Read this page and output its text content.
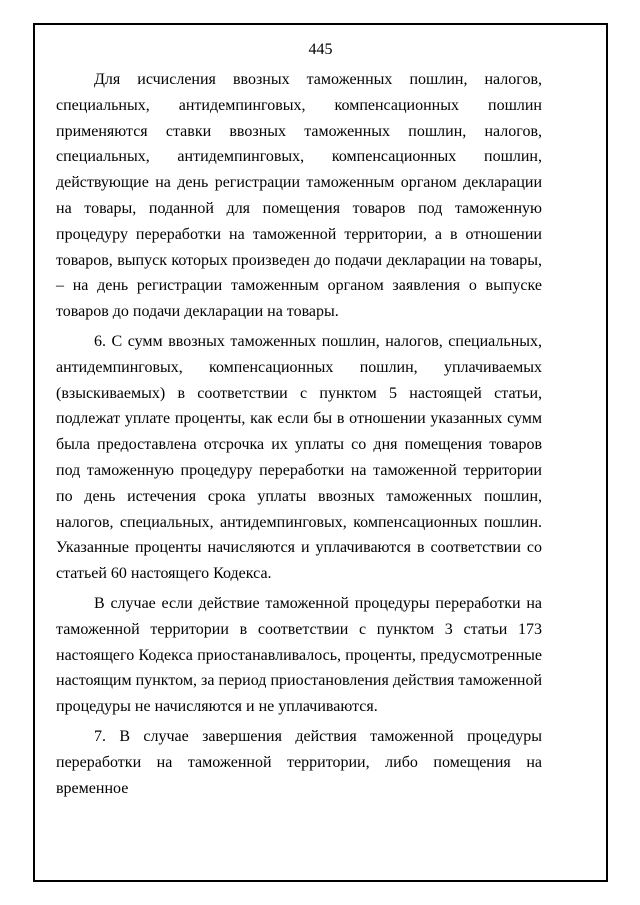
445

Для исчисления ввозных таможенных пошлин, налогов, специальных, антидемпинговых, компенсационных пошлин применяются ставки ввозных таможенных пошлин, налогов, специальных, антидемпинговых, компенсационных пошлин, действующие на день регистрации таможенным органом декларации на товары, поданной для помещения товаров под таможенную процедуру переработки на таможенной территории, а в отношении товаров, выпуск которых произведен до подачи декларации на товары, – на день регистрации таможенным органом заявления о выпуске товаров до подачи декларации на товары.

6. С сумм ввозных таможенных пошлин, налогов, специальных, антидемпинговых, компенсационных пошлин, уплачиваемых (взыскиваемых) в соответствии с пунктом 5 настоящей статьи, подлежат уплате проценты, как если бы в отношении указанных сумм была предоставлена отсрочка их уплаты со дня помещения товаров под таможенную процедуру переработки на таможенной территории по день истечения срока уплаты ввозных таможенных пошлин, налогов, специальных, антидемпинговых, компенсационных пошлин. Указанные проценты начисляются и уплачиваются в соответствии со статьей 60 настоящего Кодекса.

В случае если действие таможенной процедуры переработки на таможенной территории в соответствии с пунктом 3 статьи 173 настоящего Кодекса приостанавливалось, проценты, предусмотренные настоящим пунктом, за период приостановления действия таможенной процедуры не начисляются и не уплачиваются.

7. В случае завершения действия таможенной процедуры переработки на таможенной территории, либо помещения на временное
